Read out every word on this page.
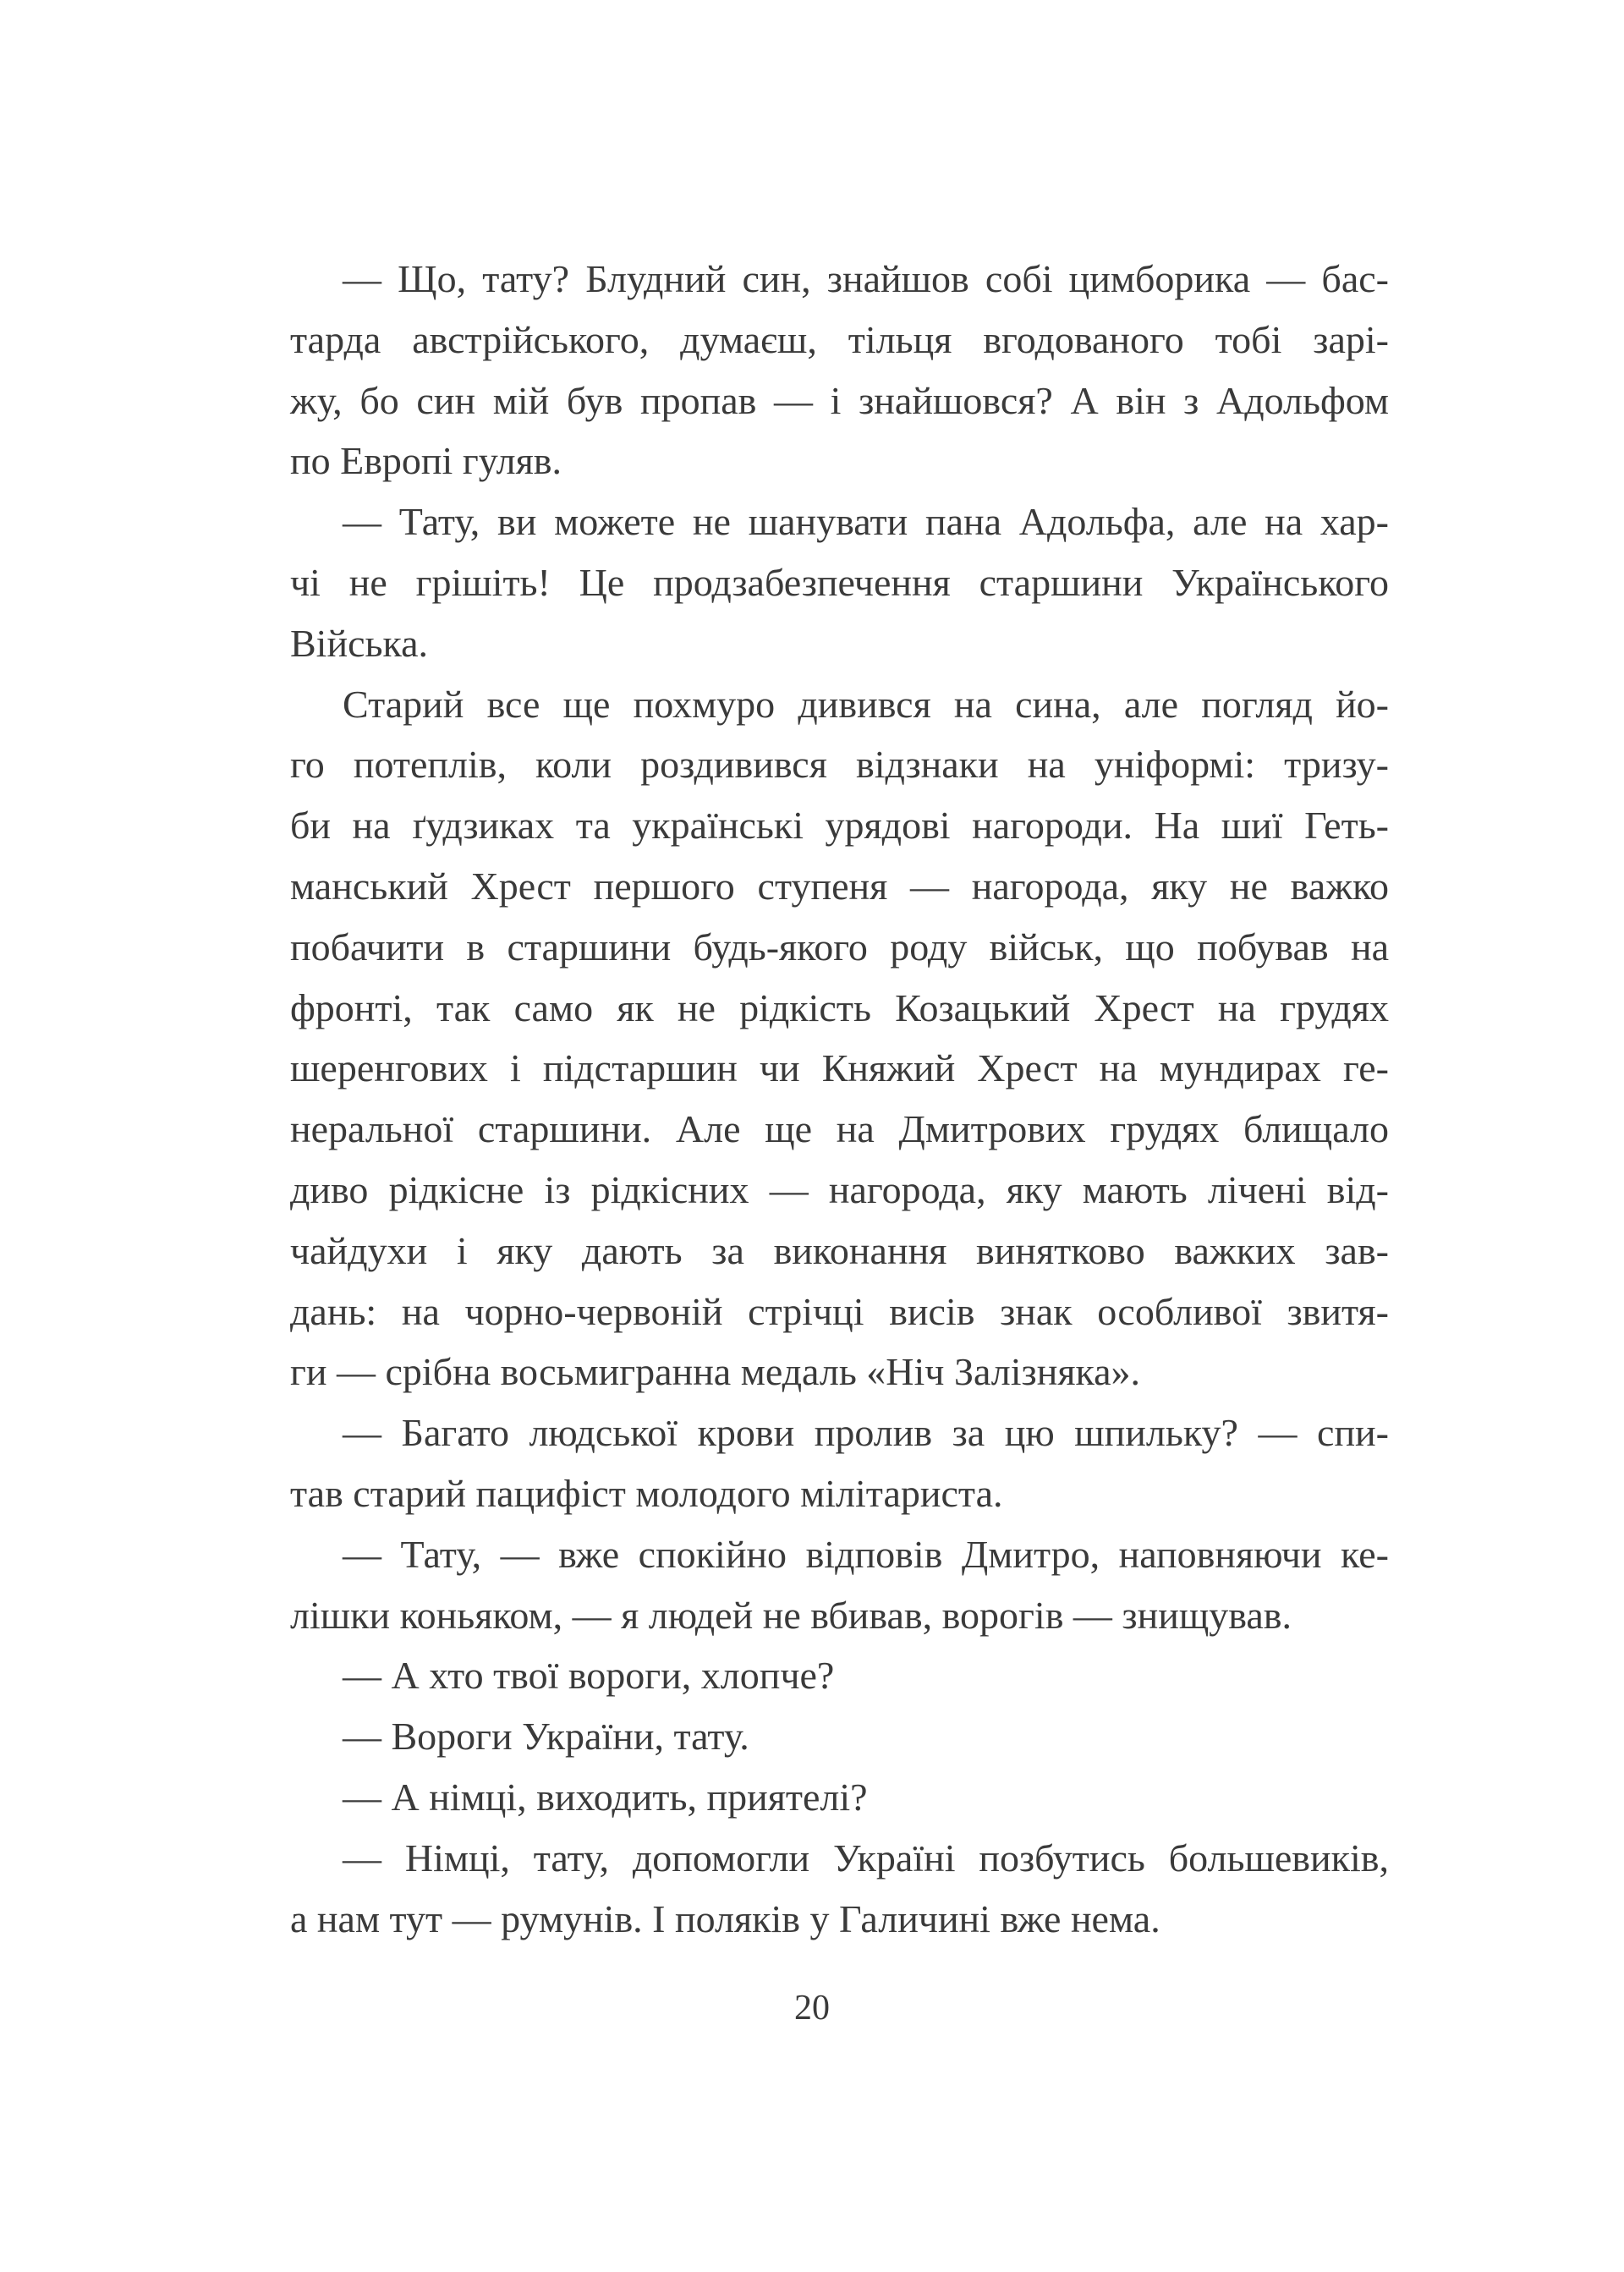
— Що, тату? Блудний син, знайшов собі цимборика — бас-
тарда австрійського, думаєш, тільця вгодованого тобі зарі-
жу, бо син мій був пропав — і знайшовся? А він з Адольфом
по Европі гуляв.
— Тату, ви можете не шанувати пана Адольфа, але на хар-
чі не грішіть! Це продзабезпечення старшини Українського
Війська.
Старий все ще похмуро дивився на сина, але погляд йо-
го потеплів, коли роздивився відзнаки на уніформі: тризу-
би на ґудзиках та українські урядові нагороди. На шиї Геть-
манський Хрест першого ступеня — нагорода, яку не важко
побачити в старшини будь-якого роду військ, що побував на
фронті, так само як не рідкість Козацький Хрест на грудях
шеренгових і підстаршин чи Княжий Хрест на мундирах ге-
неральної старшини. Але ще на Дмитрових грудях блищало
диво рідкісне із рідкісних — нагорода, яку мають лічені від-
чайдухи і яку дають за виконання винятково важких зав-
дань: на чорно-червоній стрічці висів знак особливої звитя-
ги — срібна восьмигранна медаль «Ніч Залізняка».
— Багато людської крови пролив за цю шпильку? — спи-
тав старий пацифіст молодого мілітариста.
— Тату, — вже спокійно відповів Дмитро, наповняючи ке-
лішки коньяком, — я людей не вбивав, ворогів — знищував.
— А хто твої вороги, хлопче?
— Вороги України, тату.
— А німці, виходить, приятелі?
— Німці, тату, допомогли Україні позбутись большевиків,
а нам тут — румунів. І поляків у Галичині вже нема.
20
